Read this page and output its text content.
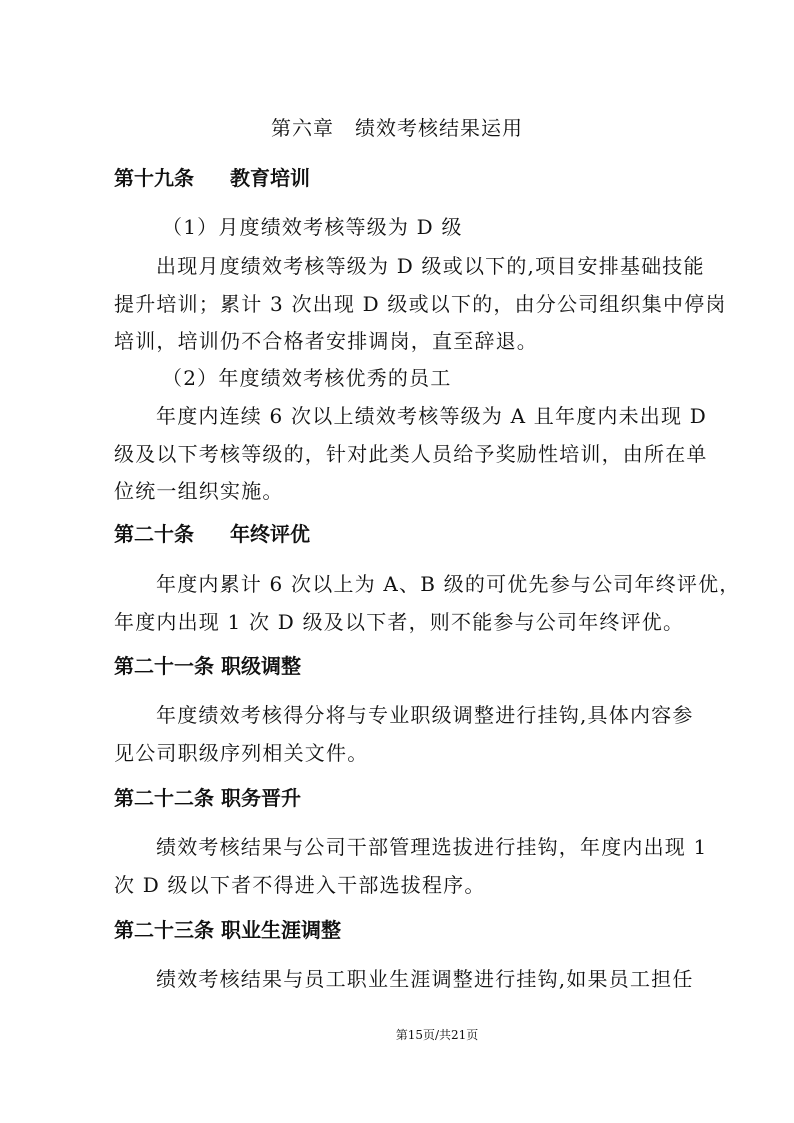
第六章　绩效考核结果运用
第十九条 教育培训
（1）月度绩效考核等级为 D 级
出现月度绩效考核等级为 D 级或以下的,项目安排基础技能
提升培训；累计 3 次出现 D 级或以下的，由分公司组织集中停岗
培训，培训仍不合格者安排调岗，直至辞退。
（2）年度绩效考核优秀的员工
年度内连续 6 次以上绩效考核等级为 A 且年度内未出现 D
级及以下考核等级的，针对此类人员给予奖励性培训，由所在单
位统一组织实施。
第二十条 年终评优
年度内累计 6 次以上为 A、B 级的可优先参与公司年终评优，
年度内出现 1 次 D 级及以下者，则不能参与公司年终评优。
第二十一条 职级调整
年度绩效考核得分将与专业职级调整进行挂钩,具体内容参
见公司职级序列相关文件。
第二十二条 职务晋升
绩效考核结果与公司干部管理选拔进行挂钩，年度内出现 1
次 D 级以下者不得进入干部选拔程序。
第二十三条 职业生涯调整
绩效考核结果与员工职业生涯调整进行挂钩,如果员工担任
第15页/共21页
